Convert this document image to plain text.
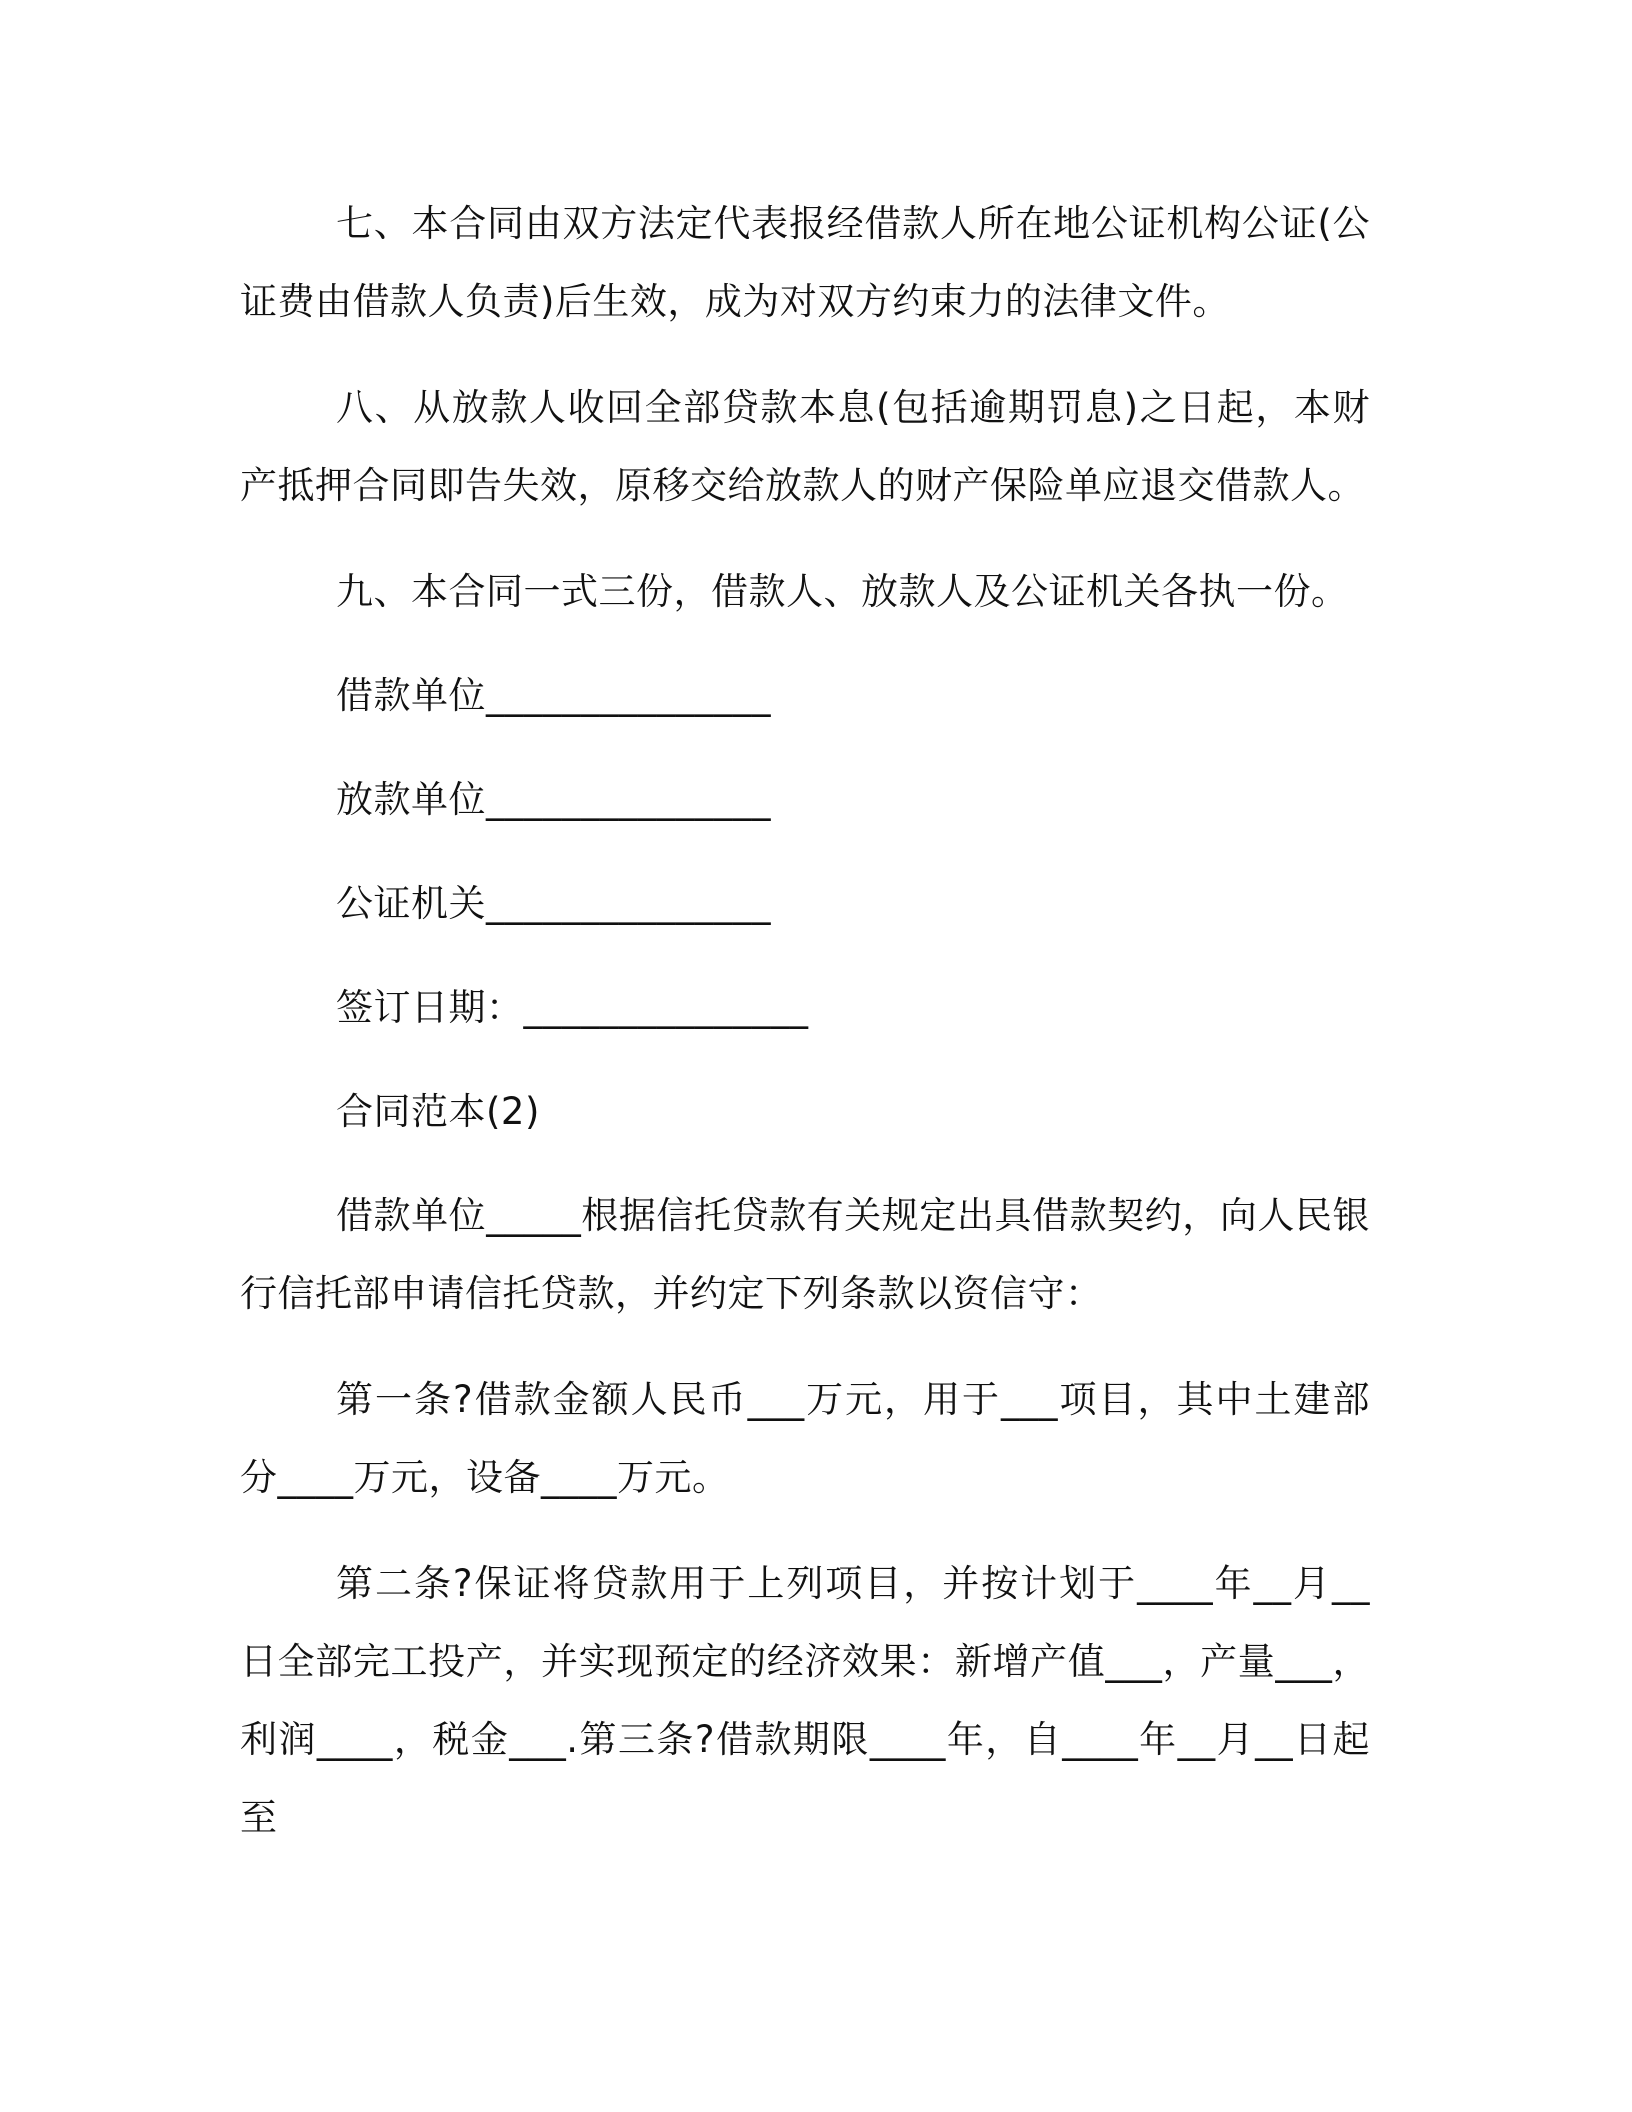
七、本合同由双方法定代表报经借款人所在地公证机构公证(公证费由借款人负责)后生效，成为对双方约束力的法律文件。

八、从放款人收回全部贷款本息(包括逾期罚息)之日起，本财产抵押合同即告失效，原移交给放款人的财产保险单应退交借款人。

九、本合同一式三份，借款人、放款人及公证机关各执一份。

借款单位_______________

放款单位_______________

公证机关_______________

签订日期：_______________

合同范本(2)

借款单位_____根据信托贷款有关规定出具借款契约，向人民银行信托部申请信托贷款，并约定下列条款以资信守：

第一条?借款金额人民币___万元，用于___项目，其中土建部分____万元，设备____万元。

第二条?保证将贷款用于上列项目，并按计划于____年__月__日全部完工投产，并实现预定的经济效果：新增产值___，产量___，利润____，税金___.第三条?借款期限____年，自____年__月__日起至
